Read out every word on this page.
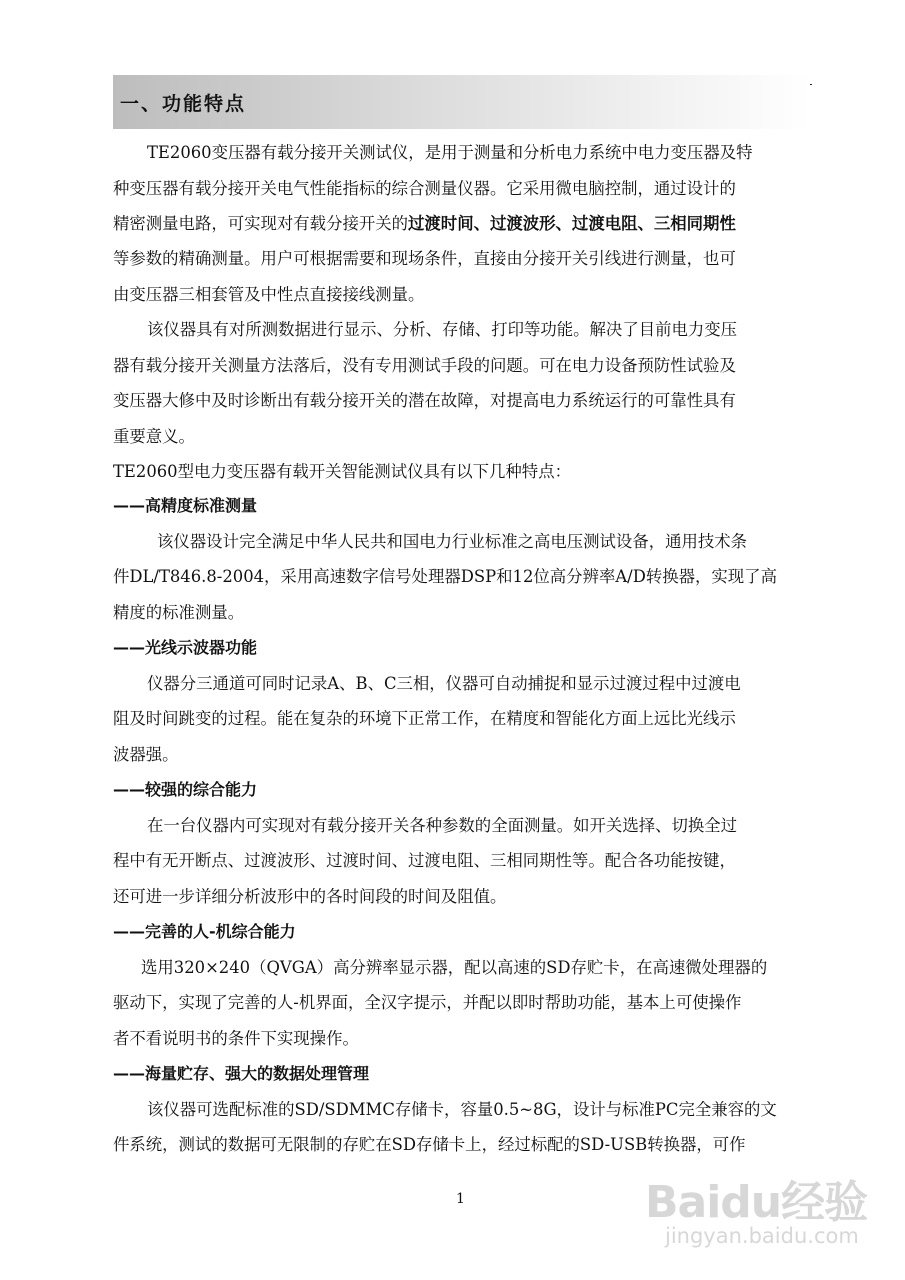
一、功能特点
TE2060变压器有载分接开关测试仪，是用于测量和分析电力系统中电力变压器及特
种变压器有载分接开关电气性能指标的综合测量仪器。它采用微电脑控制，通过设计的
精密测量电路，可实现对有载分接开关的过渡时间、过渡波形、过渡电阻、三相同期性
等参数的精确测量。用户可根据需要和现场条件，直接由分接开关引线进行测量，也可
由变压器三相套管及中性点直接接线测量。
该仪器具有对所测数据进行显示、分析、存储、打印等功能。解决了目前电力变压
器有载分接开关测量方法落后，没有专用测试手段的问题。可在电力设备预防性试验及
变压器大修中及时诊断出有载分接开关的潜在故障，对提高电力系统运行的可靠性具有
重要意义。
TE2060型电力变压器有载开关智能测试仪具有以下几种特点：
——高精度标准测量
该仪器设计完全满足中华人民共和国电力行业标准之高电压测试设备，通用技术条
件DL/T846.8-2004，采用高速数字信号处理器DSP和12位高分辨率A/D转换器，实现了高
精度的标准测量。
——光线示波器功能
仪器分三通道可同时记录A、B、C三相，仪器可自动捕捉和显示过渡过程中过渡电
阻及时间跳变的过程。能在复杂的环境下正常工作，在精度和智能化方面上远比光线示
波器强。
——较强的综合能力
在一台仪器内可实现对有载分接开关各种参数的全面测量。如开关选择、切换全过
程中有无开断点、过渡波形、过渡时间、过渡电阻、三相同期性等。配合各功能按键，
还可进一步详细分析波形中的各时间段的时间及阻值。
——完善的人-机综合能力
选用320×240（QVGA）高分辨率显示器，配以高速的SD存贮卡，在高速微处理器的
驱动下，实现了完善的人-机界面，全汉字提示，并配以即时帮助功能，基本上可使操作
者不看说明书的条件下实现操作。
——海量贮存、强大的数据处理管理
该仪器可选配标准的SD/SDMMC存储卡，容量0.5~8G，设计与标准PC完全兼容的文
件系统，测试的数据可无限制的存贮在SD存储卡上，经过标配的SD-USB转换器，可作
1	Baidu经验
jingyan.baidu.com
